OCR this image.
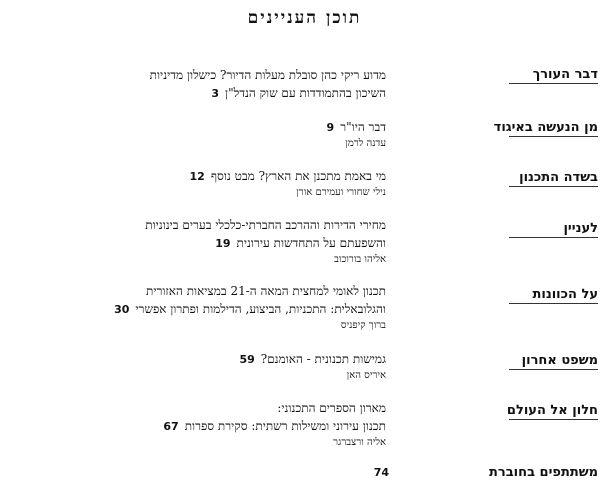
תוכן העניינים
דבר העורך
מדוע ריקי כהן סובלת מעלות הדיור? כישלון מדיניות
השיכון בהתמודדות עם שוק הנדל"ן3
מן הנעשה באיגוד
דבר היו"ר9
עדנה לרמן
בשדה התכנון
מי באמת מתכנן את הארץ? מבט נוסף12
נילי שחורי ועמירם אורן
לעניין
מחירי הדירות וההרכב החברתי-כלכלי בערים בינוניות
והשפעתם על התחדשות עירונית19
אליהו בורוכוב
על הכוונות
תכנון לאומי למחצית המאה ה-21 במציאות האזורית
והגלובאלית: התכניות, הביצוע, הדילמות ופתרון אפשרי30
ברוך קיפניס
משפט אחרון
גמישות תכנונית - האומנם?59
איריס האן
חלון אל העולם
מארון הספרים התכנוני:
תכנון עירוני ומשילות רשתית: סקירת ספרות67
אליה ורצברגר
משתתפים בחוברת
74
